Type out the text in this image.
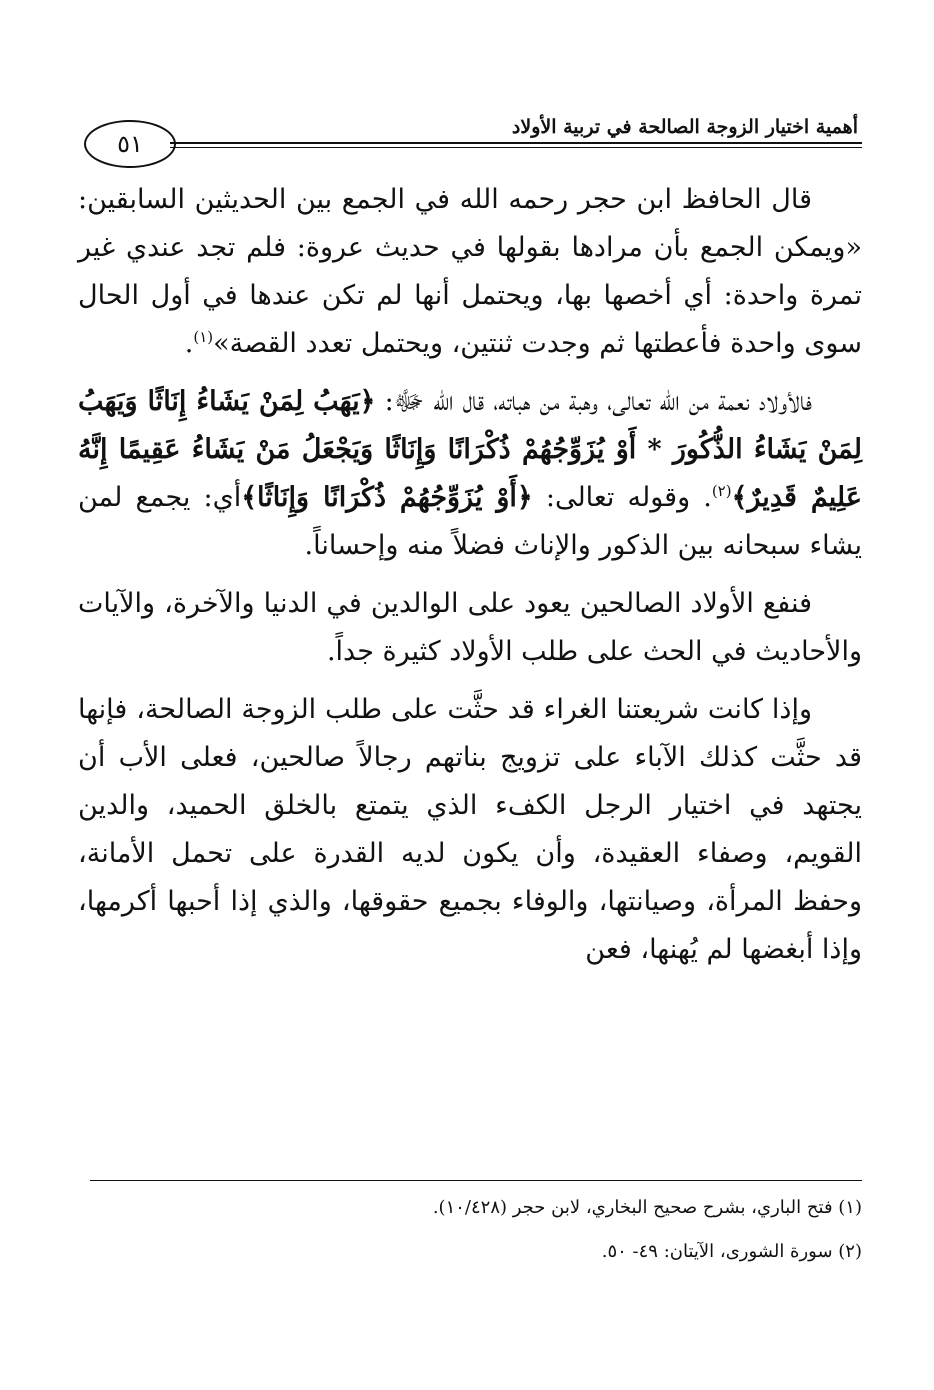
٥١
أهمية اختيار الزوجة الصالحة في تربية الأولاد

قال الحافظ ابن حجر رحمه الله في الجمع بين الحديثين السابقين: «ويمكن الجمع بأن مرادها بقولها في حديث عروة: فلم تجد عندي غير تمرة واحدة: أي أخصها بها، ويحتمل أنها لم تكن عندها في أول الحال سوى واحدة فأعطتها ثم وجدت ثنتين، ويحتمل تعدد القصة»$^{(١)}$.

فالأولاد نعمة من الله تعالى، وهبة من هباته، قال الله ﷻ: ﴿يَهَبُ لِمَنْ يَشَاءُ إِنَاثًا وَيَهَبُ لِمَنْ يَشَاءُ الذُّكُورَ * أَوْ يُزَوِّجُهُمْ ذُكْرَانًا وَإِنَاثًا وَيَجْعَلُ مَنْ يَشَاءُ عَقِيمًا إِنَّهُ عَلِيمٌ قَدِيرٌ﴾$^{(٢)}$. وقوله تعالى: ﴿أَوْ يُزَوِّجُهُمْ ذُكْرَانًا وَإِنَاثًا﴾أي: يجمع لمن يشاء سبحانه بين الذكور والإناث فضلاً منه وإحساناً.

فنفع الأولاد الصالحين يعود على الوالدين في الدنيا والآخرة، والآيات والأحاديث في الحث على طلب الأولاد كثيرة جداً.

وإذا كانت شريعتنا الغراء قد حثَّت على طلب الزوجة الصالحة، فإنها قد حثَّت كذلك الآباء على تزويج بناتهم رجالاً صالحين، فعلى الأب أن يجتهد في اختيار الرجل الكفء الذي يتمتع بالخلق الحميد، والدين القويم، وصفاء العقيدة، وأن يكون لديه القدرة على تحمل الأمانة، وحفظ المرأة، وصيانتها، والوفاء بجميع حقوقها، والذي إذا أحبها أكرمها، وإذا أبغضها لم يُهنها، فعن

(١) فتح الباري، بشرح صحيح البخاري، لابن حجر (١٠/٤٢٨).

(٢) سورة الشورى، الآيتان: ٤٩- ٥٠.
